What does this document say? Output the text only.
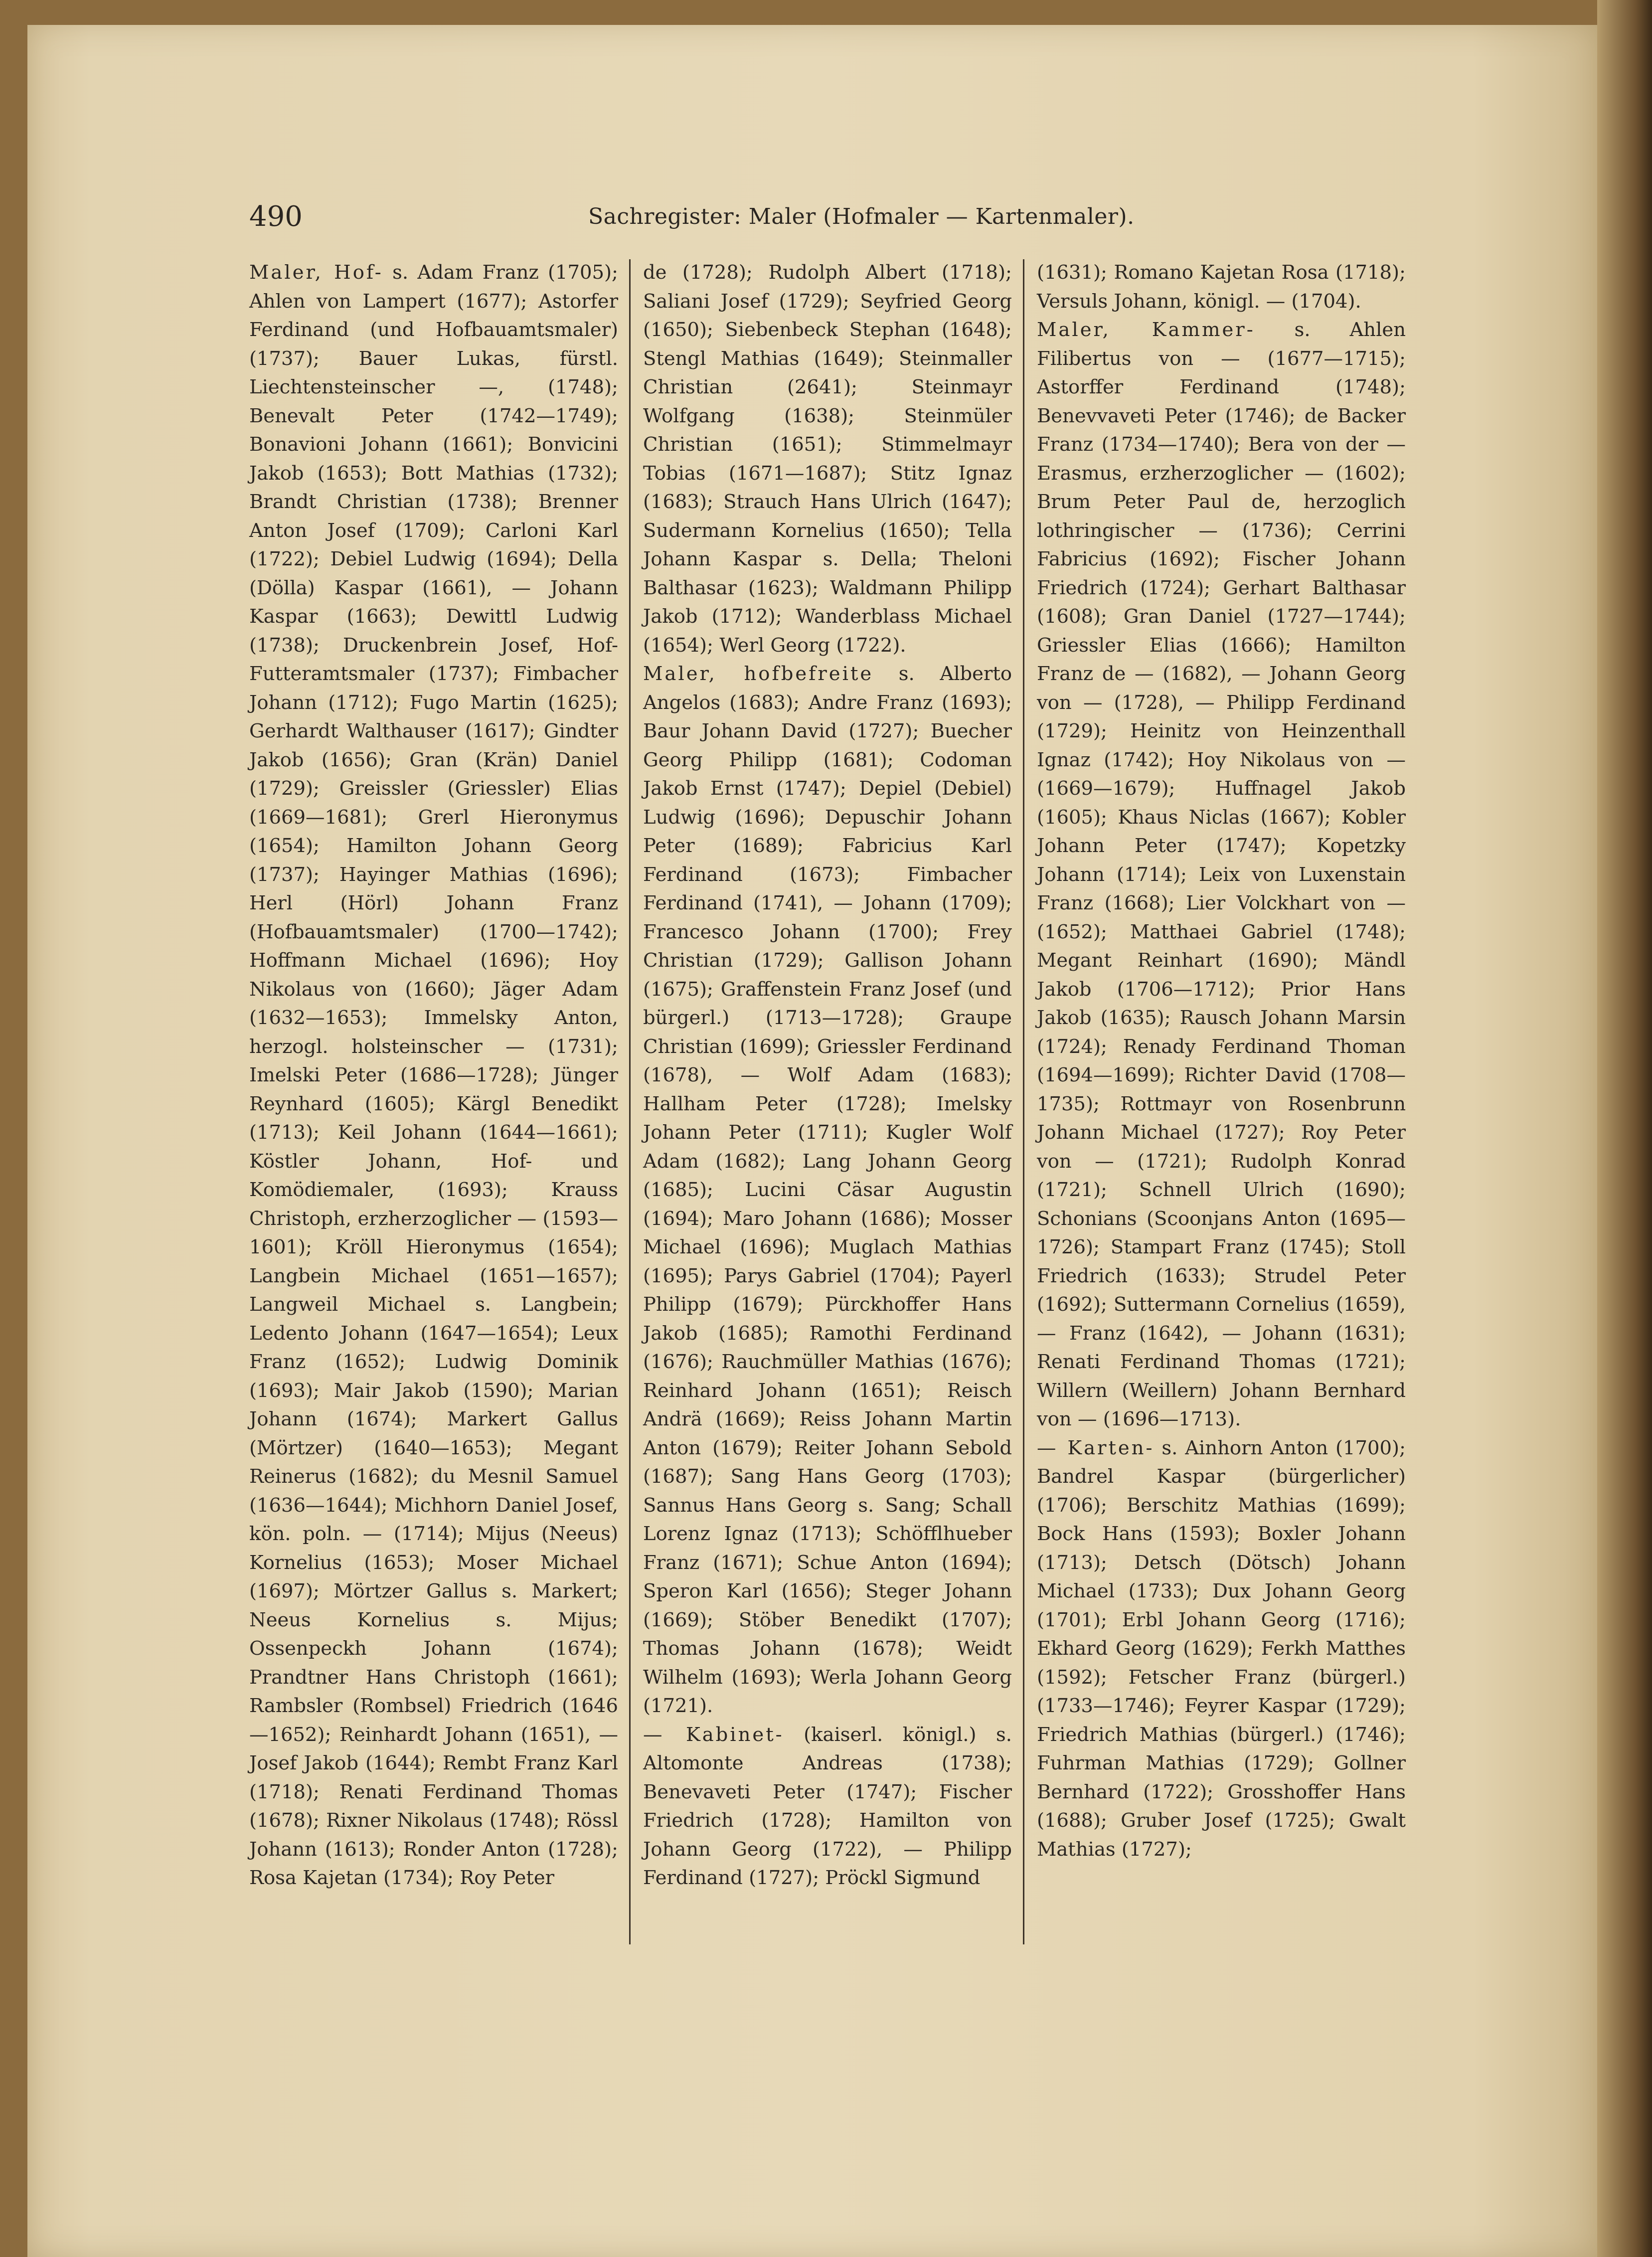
490	Sachregister: Maler (Hofmaler — Kartenmaler).

Maler, Hof- s. Adam Franz (1705); Ahlen von Lampert (1677); Astorfer Ferdinand (und Hofbauamtsmaler) (1737); Bauer Lukas, fürstl. Liechtensteinscher —, (1748); Benevalt Peter (1742—1749); Bonavioni Johann (1661); Bonvicini Jakob (1653); Bott Mathias (1732); Brandt Christian (1738); Brenner Anton Josef (1709); Carloni Karl (1722); Debiel Ludwig (1694); Della (Dölla) Kaspar (1661), — Johann Kaspar (1663); Dewittl Ludwig (1738); Druckenbrein Josef, Hof-Futteramtsmaler (1737); Fimbacher Johann (1712); Fugo Martin (1625); Gerhardt Walthauser (1617); Gindter Jakob (1656); Gran (Krän) Daniel (1729); Greissler (Griessler) Elias (1669—1681); Grerl Hieronymus (1654); Hamilton Johann Georg (1737); Hayinger Mathias (1696); Herl (Hörl) Johann Franz (Hofbauamtsmaler) (1700—1742); Hoffmann Michael (1696); Hoy Nikolaus von (1660); Jäger Adam (1632—1653); Immelsky Anton, herzogl. holsteinscher — (1731); Imelski Peter (1686—1728); Jünger Reynhard (1605); Kärgl Benedikt (1713); Keil Johann (1644—1661); Köstler Johann, Hof- und Komödiemaler, (1693); Krauss Christoph, erzherzoglicher — (1593—1601); Kröll Hieronymus (1654); Langbein Michael (1651—1657); Langweil Michael s. Langbein; Ledento Johann (1647—1654); Leux Franz (1652); Ludwig Dominik (1693); Mair Jakob (1590); Marian Johann (1674); Markert Gallus (Mörtzer) (1640—1653); Megant Reinerus (1682); du Mesnil Samuel (1636—1644); Michhorn Daniel Josef, kön. poln. — (1714); Mijus (Neeus) Kornelius (1653); Moser Michael (1697); Mörtzer Gallus s. Markert; Neeus Kornelius s. Mijus; Ossenpeckh Johann (1674); Prandtner Hans Christoph (1661); Rambsler (Rombsel) Friedrich (1646—1652); Reinhardt Johann (1651), — Josef Jakob (1644); Rembt Franz Karl (1718); Renati Ferdinand Thomas (1678); Rixner Nikolaus (1748); Rössl Johann (1613); Ronder Anton (1728); Rosa Kajetan (1734); Roy Peter

de (1728); Rudolph Albert (1718); Saliani Josef (1729); Seyfried Georg (1650); Siebenbeck Stephan (1648); Stengl Mathias (1649); Steinmaller Christian (2641); Steinmayr Wolfgang (1638); Steinmüler Christian (1651); Stimmelmayr Tobias (1671—1687); Stitz Ignaz (1683); Strauch Hans Ulrich (1647); Sudermann Kornelius (1650); Tella Johann Kaspar s. Della; Theloni Balthasar (1623); Waldmann Philipp Jakob (1712); Wanderblass Michael (1654); Werl Georg (1722).

Maler, hofbefreite s. Alberto Angelos (1683); Andre Franz (1693); Baur Johann David (1727); Buecher Georg Philipp (1681); Codoman Jakob Ernst (1747); Depiel (Debiel) Ludwig (1696); Depuschir Johann Peter (1689); Fabricius Karl Ferdinand (1673); Fimbacher Ferdinand (1741), — Johann (1709); Francesco Johann (1700); Frey Christian (1729); Gallison Johann (1675); Graffenstein Franz Josef (und bürgerl.) (1713—1728); Graupe Christian (1699); Griessler Ferdinand (1678), — Wolf Adam (1683); Hallham Peter (1728); Imelsky Johann Peter (1711); Kugler Wolf Adam (1682); Lang Johann Georg (1685); Lucini Cäsar Augustin (1694); Maro Johann (1686); Mosser Michael (1696); Muglach Mathias (1695); Parys Gabriel (1704); Payerl Philipp (1679); Pürckhoffer Hans Jakob (1685); Ramothi Ferdinand (1676); Rauchmüller Mathias (1676); Reinhard Johann (1651); Reisch Andrä (1669); Reiss Johann Martin Anton (1679); Reiter Johann Sebold (1687); Sang Hans Georg (1703); Sannus Hans Georg s. Sang; Schall Lorenz Ignaz (1713); Schöfflhueber Franz (1671); Schue Anton (1694); Speron Karl (1656); Steger Johann (1669); Stöber Benedikt (1707); Thomas Johann (1678); Weidt Wilhelm (1693); Werla Johann Georg (1721).

— Kabinet- (kaiserl. königl.) s. Altomonte Andreas (1738); Benevaveti Peter (1747); Fischer Friedrich (1728); Hamilton von Johann Georg (1722), — Philipp Ferdinand (1727); Pröckl Sigmund

(1631); Romano Kajetan Rosa (1718); Versuls Johann, königl. — (1704).

Maler, Kammer- s. Ahlen Filibertus von — (1677—1715); Astorffer Ferdinand (1748); Benevvaveti Peter (1746); de Backer Franz (1734—1740); Bera von der — Erasmus, erzherzoglicher — (1602); Brum Peter Paul de, herzoglich lothringischer — (1736); Cerrini Fabricius (1692); Fischer Johann Friedrich (1724); Gerhart Balthasar (1608); Gran Daniel (1727—1744); Griessler Elias (1666); Hamilton Franz de — (1682), — Johann Georg von — (1728), — Philipp Ferdinand (1729); Heinitz von Heinzenthall Ignaz (1742); Hoy Nikolaus von — (1669—1679); Huffnagel Jakob (1605); Khaus Niclas (1667); Kobler Johann Peter (1747); Kopetzky Johann (1714); Leix von Luxenstain Franz (1668); Lier Volckhart von — (1652); Matthaei Gabriel (1748); Megant Reinhart (1690); Mändl Jakob (1706—1712); Prior Hans Jakob (1635); Rausch Johann Marsin (1724); Renady Ferdinand Thoman (1694—1699); Richter David (1708—1735); Rottmayr von Rosenbrunn Johann Michael (1727); Roy Peter von — (1721); Rudolph Konrad (1721); Schnell Ulrich (1690); Schonians (Scoonjans Anton (1695—1726); Stampart Franz (1745); Stoll Friedrich (1633); Strudel Peter (1692); Suttermann Cornelius (1659), — Franz (1642), — Johann (1631); Renati Ferdinand Thomas (1721); Willern (Weillern) Johann Bernhard von — (1696—1713).

— Karten- s. Ainhorn Anton (1700); Bandrel Kaspar (bürgerlicher) (1706); Berschitz Mathias (1699); Bock Hans (1593); Boxler Johann (1713); Detsch (Dötsch) Johann Michael (1733); Dux Johann Georg (1701); Erbl Johann Georg (1716); Ekhard Georg (1629); Ferkh Matthes (1592); Fetscher Franz (bürgerl.) (1733—1746); Feyrer Kaspar (1729); Friedrich Mathias (bürgerl.) (1746); Fuhrman Mathias (1729); Gollner Bernhard (1722); Grosshoffer Hans (1688); Gruber Josef (1725); Gwalt Mathias (1727);
